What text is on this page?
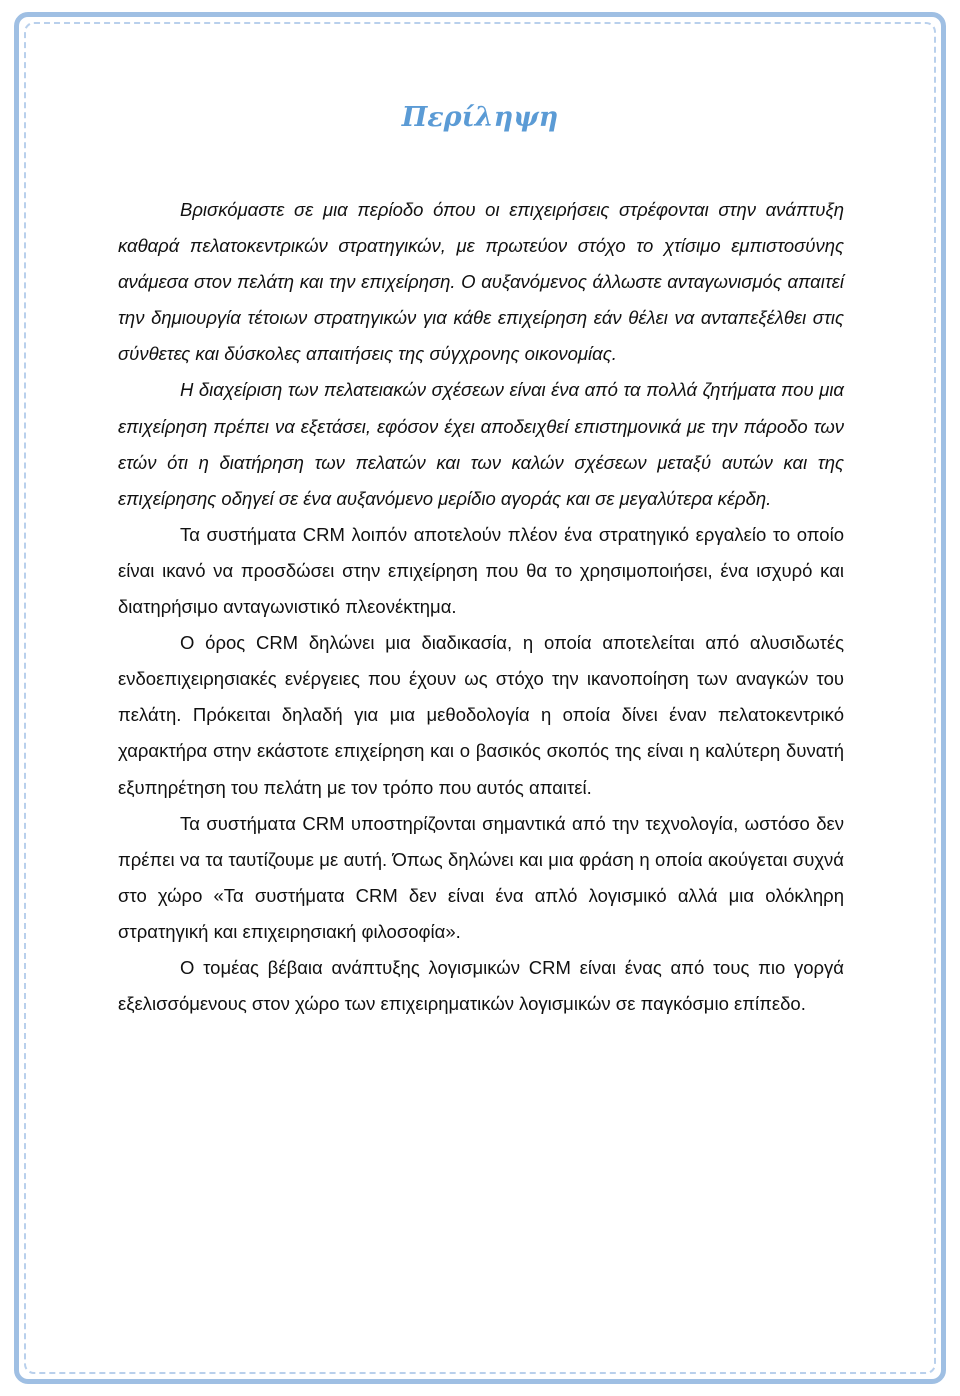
Περίληψη

Βρισκόμαστε σε μια περίοδο όπου οι επιχειρήσεις στρέφονται στην ανάπτυξη καθαρά πελατοκεντρικών στρατηγικών, με πρωτεύον στόχο το χτίσιμο εμπιστοσύνης ανάμεσα στον πελάτη και την επιχείρηση. Ο αυξανόμενος άλλωστε ανταγωνισμός απαιτεί την δημιουργία τέτοιων στρατηγικών για κάθε επιχείρηση εάν θέλει να ανταπεξέλθει στις σύνθετες και δύσκολες απαιτήσεις της σύγχρονης οικονομίας.

Η διαχείριση των πελατειακών σχέσεων είναι ένα από τα πολλά ζητήματα που μια επιχείρηση πρέπει να εξετάσει, εφόσον έχει αποδειχθεί επιστημονικά με την πάροδο των ετών ότι η διατήρηση των πελατών και των καλών σχέσεων μεταξύ αυτών και της επιχείρησης οδηγεί σε ένα αυξανόμενο μερίδιο αγοράς και σε μεγαλύτερα κέρδη.

Τα συστήματα CRM λοιπόν αποτελούν πλέον ένα στρατηγικό εργαλείο το οποίο είναι ικανό να προσδώσει στην επιχείρηση που θα το χρησιμοποιήσει, ένα ισχυρό και διατηρήσιμο ανταγωνιστικό πλεονέκτημα.

Ο όρος CRM δηλώνει μια διαδικασία, η οποία αποτελείται από αλυσιδωτές ενδοεπιχειρησιακές ενέργειες που έχουν ως στόχο την ικανοποίηση των αναγκών του πελάτη. Πρόκειται δηλαδή για μια μεθοδολογία η οποία δίνει έναν πελατοκεντρικό χαρακτήρα στην εκάστοτε επιχείρηση και ο βασικός σκοπός της είναι η καλύτερη δυνατή εξυπηρέτηση του πελάτη με τον τρόπο που αυτός απαιτεί.

Τα συστήματα CRM υποστηρίζονται σημαντικά από την τεχνολογία, ωστόσο δεν πρέπει να τα ταυτίζουμε με αυτή. Όπως δηλώνει και μια φράση η οποία ακούγεται συχνά στο χώρο «Τα συστήματα CRM δεν είναι ένα απλό λογισμικό αλλά μια ολόκληρη στρατηγική και επιχειρησιακή φιλοσοφία».

Ο τομέας βέβαια ανάπτυξης λογισμικών CRM είναι ένας από τους πιο γοργά εξελισσόμενους στον χώρο των επιχειρηματικών λογισμικών σε παγκόσμιο επίπεδο.
